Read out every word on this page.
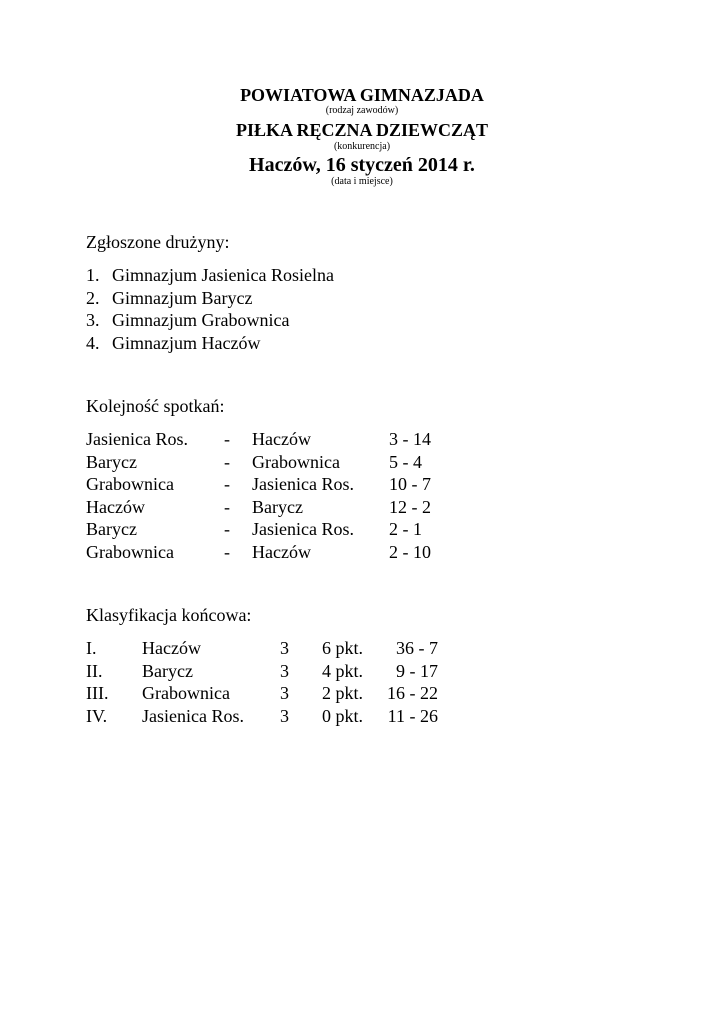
POWIATOWA GIMNAZJADA
(rodzaj zawodów)
PIŁKA RĘCZNA DZIEWCZĄT
(konkurencja)
Haczów, 16 styczeń 2014 r.
(data i miejsce)
Zgłoszone drużyny:
1. Gimnazjum Jasienica Rosielna
2. Gimnazjum Barycz
3. Gimnazjum Grabownica
4. Gimnazjum Haczów
Kolejność spotkań:
Jasienica Ros. - Haczów	3 - 14
Barycz	- Grabownica	5 - 4
Grabownica	- Jasienica Ros. 10 - 7
Haczów	- Barycz	12 - 2
Barycz	- Jasienica Ros. 2 - 1
Grabownica	- Haczów	2 - 10
Klasyfikacja końcowa:
I.	Haczów	3 6 pkt.	36 - 7
II. Barycz	3 4 pkt.	9 - 17
III. Grabownica	3 2 pkt. 16 - 22
IV. Jasienica Ros. 3 0 pkt.	11 - 26
